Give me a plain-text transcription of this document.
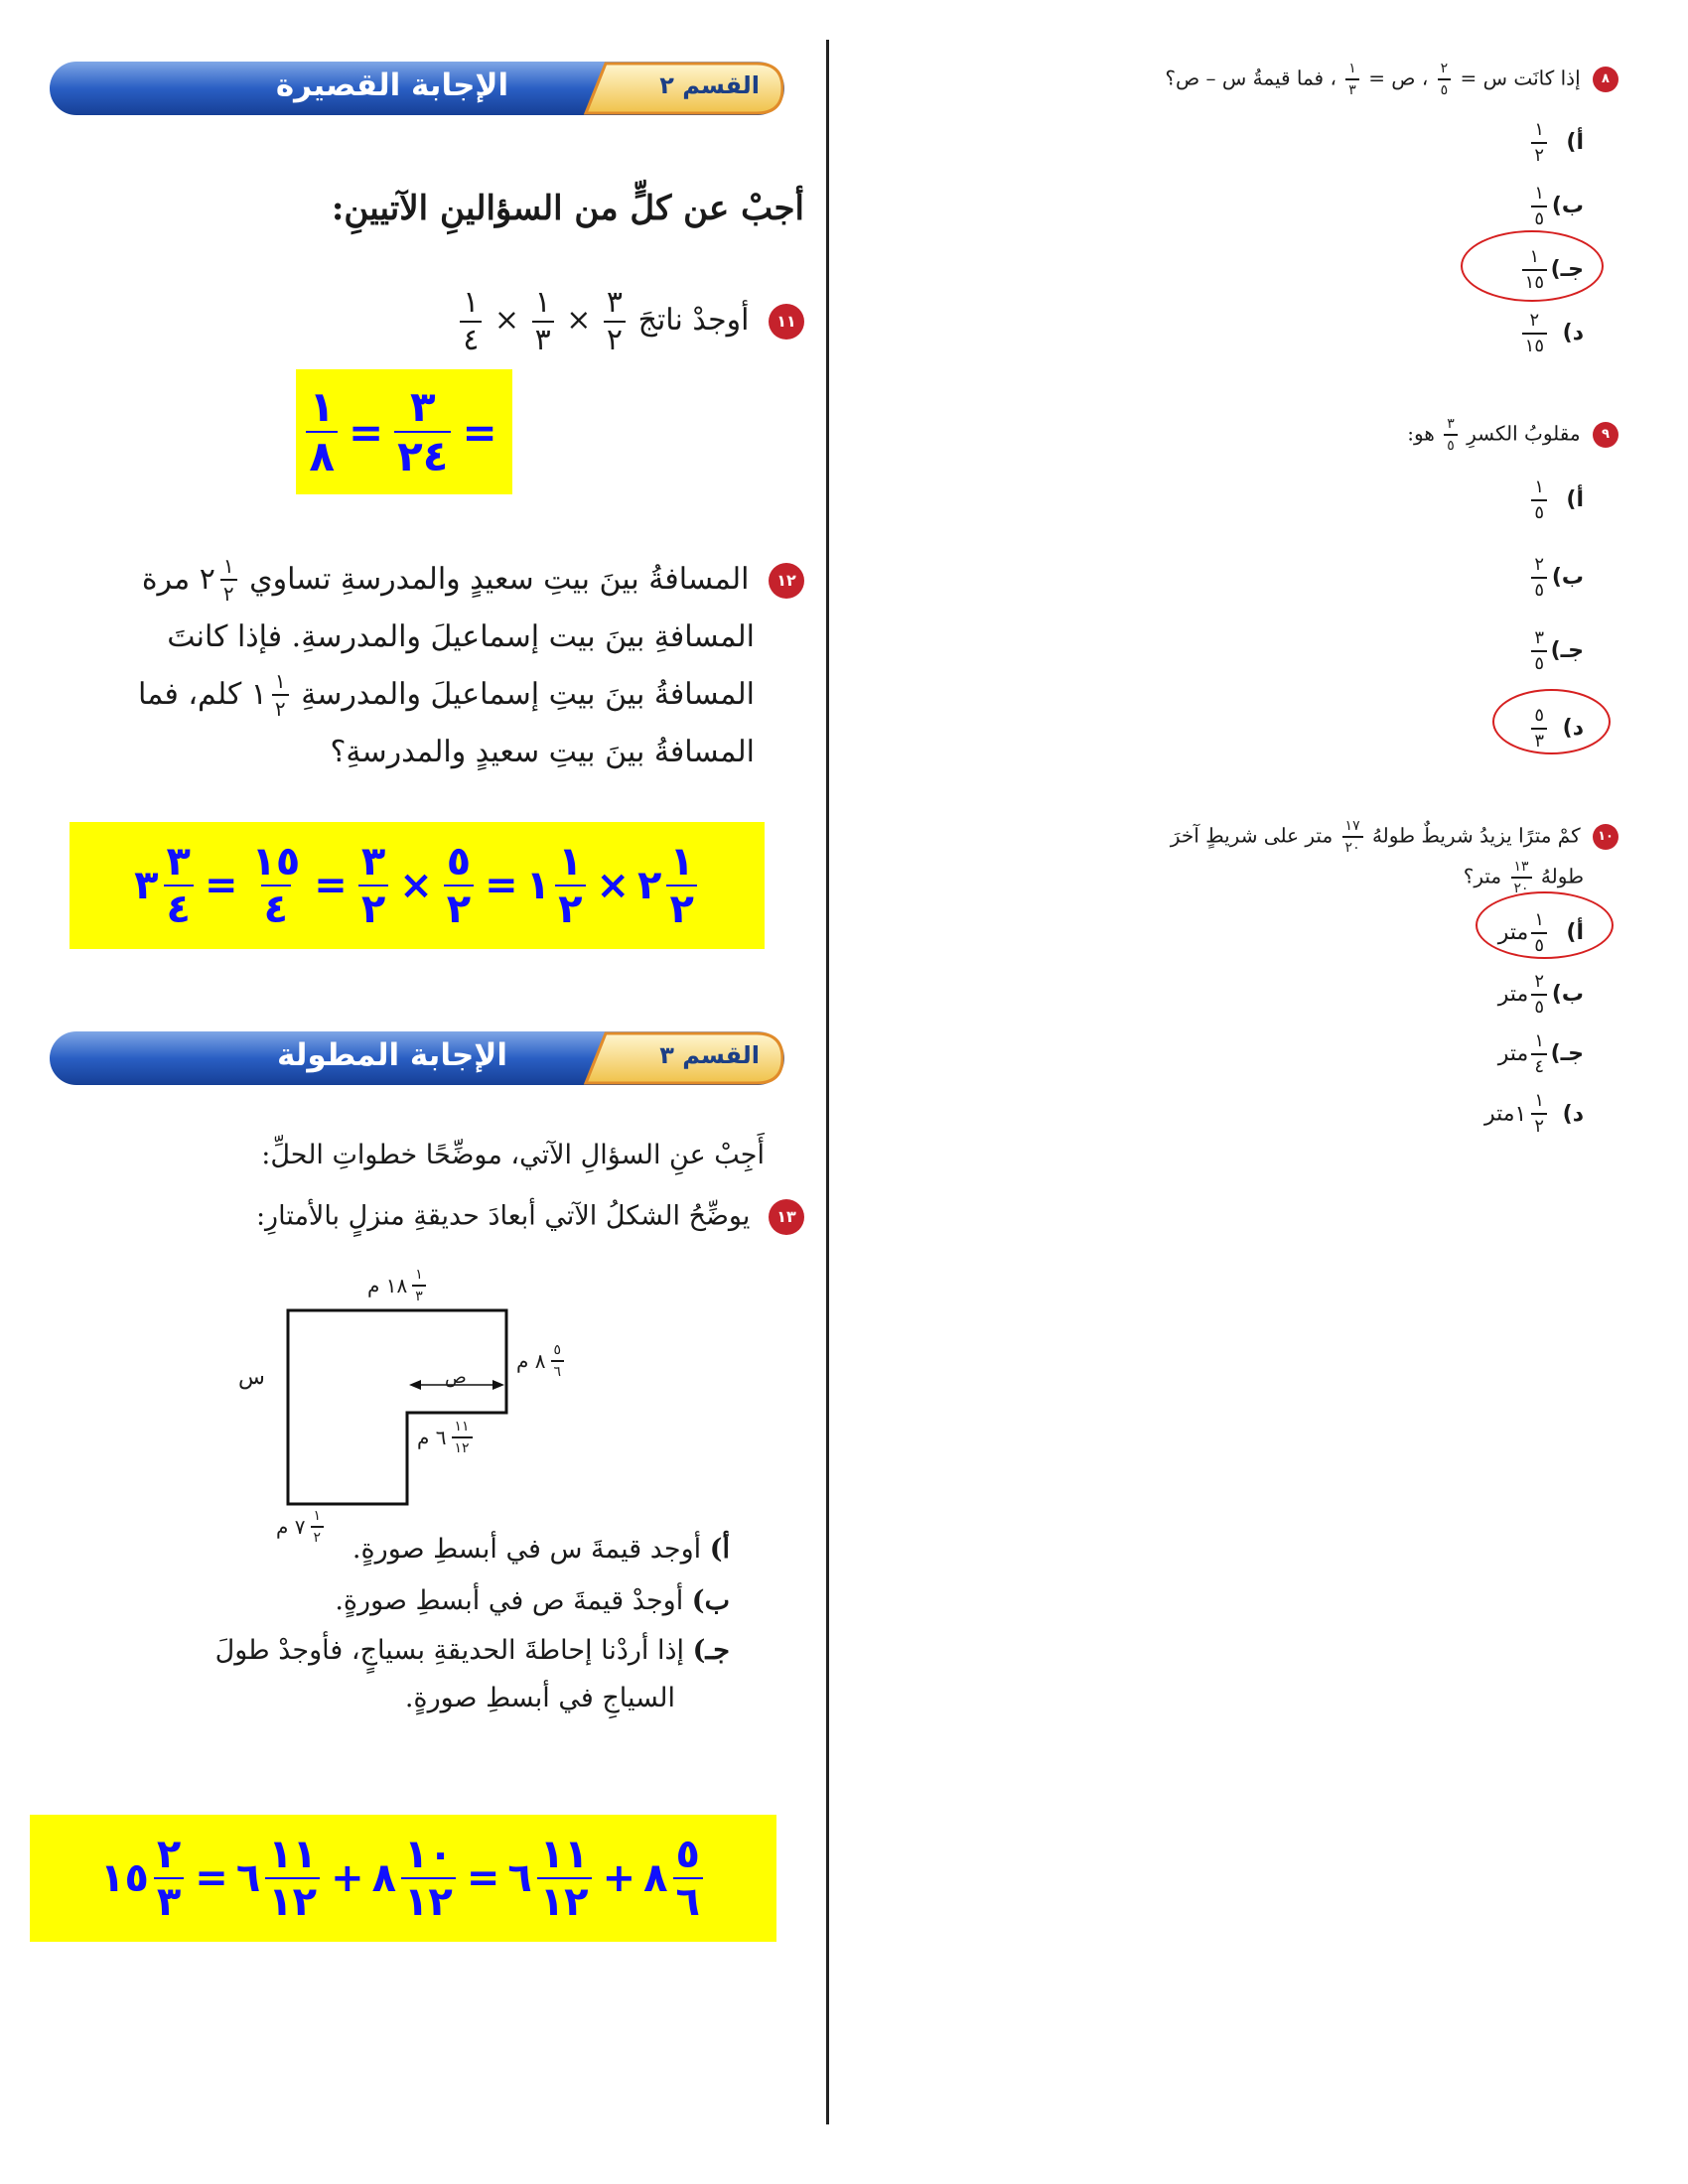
الإجابة القصيرة	القسم ٢
أجبْ عن كلٍّ من السؤالينِ الآتيينِ:
١١ أوجدْ ناتجَ
$\frac{٣}{٢}$
×
$\frac{١}{٣}$
×
$\frac{١}{٤}$
$\frac{١}{٨} = \frac{٣}{٢٤}$ =
١٢ المسافةُ بينَ بيتِ سعيدٍ والمدرسةِ تساوي
٢ $\frac{١}{٢}$
مرة
المسافةِ بينَ بيت إسماعيلَ والمدرسةِ. فإذا كانتَ
المسافةُ بينَ بيتِ إسماعيلَ والمدرسةِ
١ $\frac{١}{٢}$
كلم، فما
المسافةُ بينَ بيتِ سعيدٍ والمدرسةِ؟
٣ $\frac{٣}{٤} = \frac{١٥}{٤} = \frac{٣}{٢} \times \frac{٥}{٢}$ = ١ $\frac{١}{٢}$ × ٢ $\frac{١}{٢}$
الإجابة المطولة	القسم ٣
أَجِبْ عنِ السؤالِ الآتي، موضِّحًا خطواتِ الحلِّ:
١٣ يوضِّحُ الشكلُ الآتي أبعادَ حديقةِ منزلٍ بالأمتارِ:
١٨ $\frac{١}{٣}$
م
٨ $\frac{٥}{٦}$
م
٦ $\frac{١١}{١٢}$
م
٧ $\frac{١}{٢}$
م
س	ص
أ) أوجد قيمةَ س في أبسطِ صورةٍ.
ب) أوجدْ قيمةَ ص في أبسطِ صورةٍ.
جـ) إذا أردْنا إحاطةَ الحديقةِ بسياجٍ، فأوجدْ طولَ
السياجِ في أبسطِ صورةٍ.
١٥ $\frac{٢}{٣}$ = ٦ $\frac{١١}{١٢}$ + ٨ $\frac{١٠}{١٢}$ = ٦ $\frac{١١}{١٢}$ + ٨ $\frac{٥}{٦}$
٨ إذا كانَت س =
$\frac{٢}{٥}$
، ص =
$\frac{١}{٣}$
، فما قيمةُ س – ص؟
أ)
$\frac{١}{٢}$
ب)
$\frac{١}{٥}$
جـ)
$\frac{١}{١٥}$
د)
$\frac{٢}{١٥}$
٩ مقلوبُ الكسرِ
$\frac{٣}{٥}$
هو:
أ)
$\frac{١}{٥}$
ب)
$\frac{٢}{٥}$
جـ)
$\frac{٣}{٥}$
د)
$\frac{٥}{٣}$
١٠ كمْ مترًا يزيدُ شريطٌ طولهُ
$\frac{١٧}{٢٠}$
متر على شريطٍ آخرَ
طولهُ
$\frac{١٣}{٢٠}$
متر؟
أ)
$\frac{١}{٥}$
متر
ب)
$\frac{٢}{٥}$
متر
جـ)
$\frac{١}{٤}$
متر
د)
١ $\frac{١}{٢}$
متر
